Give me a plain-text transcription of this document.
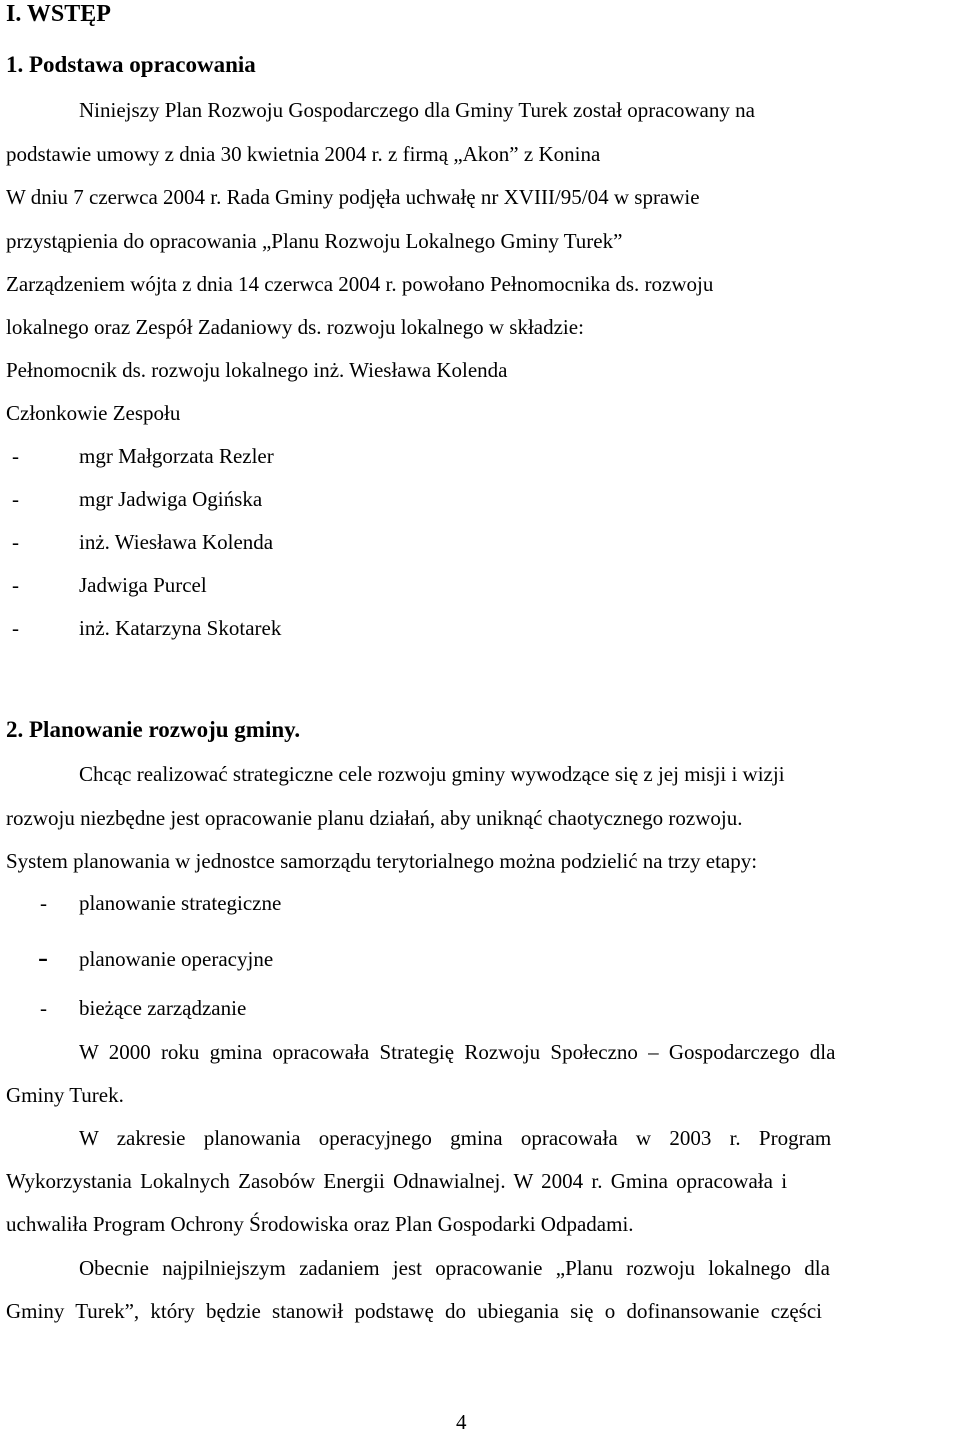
I. WSTĘP
1. Podstawa opracowania
Niniejszy Plan Rozwoju Gospodarczego dla Gminy Turek został opracowany na
podstawie umowy z dnia 30 kwietnia 2004 r. z firmą „Akon” z Konina
W dniu 7 czerwca 2004 r. Rada Gminy podjęła uchwałę nr XVIII/95/04 w sprawie
przystąpienia do opracowania „Planu Rozwoju Lokalnego Gminy Turek”
Zarządzeniem wójta z dnia 14 czerwca 2004 r. powołano Pełnomocnika ds. rozwoju
lokalnego oraz Zespół Zadaniowy ds. rozwoju lokalnego w składzie:
Pełnomocnik ds. rozwoju lokalnego inż. Wiesława Kolenda
Członkowie Zespołu
-	mgr Małgorzata Rezler
-	mgr Jadwiga Ogińska
-	inż. Wiesława Kolenda
-	Jadwiga Purcel
-	inż. Katarzyna Skotarek
2. Planowanie rozwoju gminy.
Chcąc realizować strategiczne cele rozwoju gminy wywodzące się z jej misji i wizji
rozwoju niezbędne jest opracowanie planu działań, aby uniknąć chaotycznego rozwoju.
System planowania w jednostce samorządu terytorialnego można podzielić na trzy etapy:
- planowanie strategiczne
- planowanie operacyjne
- bieżące zarządzanie
W 2000 roku gmina opracowała Strategię Rozwoju Społeczno – Gospodarczego dla
Gminy Turek.
W zakresie planowania operacyjnego gmina opracowała w 2003 r. Program
Wykorzystania Lokalnych Zasobów Energii Odnawialnej. W 2004 r. Gmina opracowała i
uchwaliła Program Ochrony Środowiska oraz Plan Gospodarki Odpadami.
Obecnie najpilniejszym zadaniem jest opracowanie „Planu rozwoju lokalnego dla
Gminy Turek”, który będzie stanowił podstawę do ubiegania się o dofinansowanie części
4
